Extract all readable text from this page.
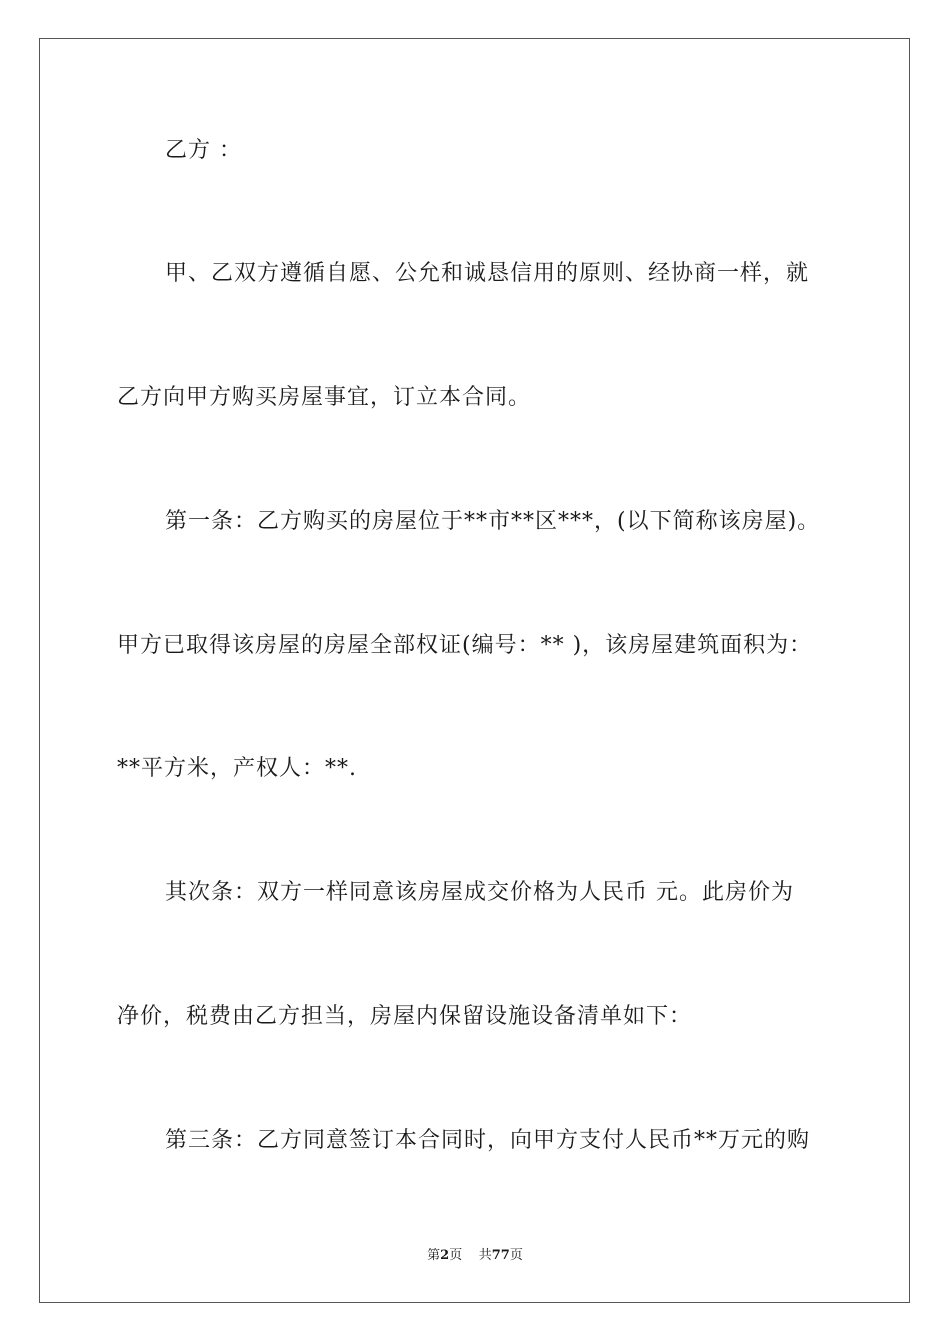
乙方 ：
甲、乙双方遵循自愿、公允和诚恳信用的原则、经协商一样，就
乙方向甲方购买房屋事宜，订立本合同。
第一条：乙方购买的房屋位于**市**区***，(以下简称该房屋)。
甲方已取得该房屋的房屋全部权证(编号：** )，该房屋建筑面积为：
**平方米，产权人：**.
其次条：双方一样同意该房屋成交价格为人民币 元。此房价为
净价，税费由乙方担当，房屋内保留设施设备清单如下：
第三条：乙方同意签订本合同时，向甲方支付人民币**万元的购
第2页 共77页
